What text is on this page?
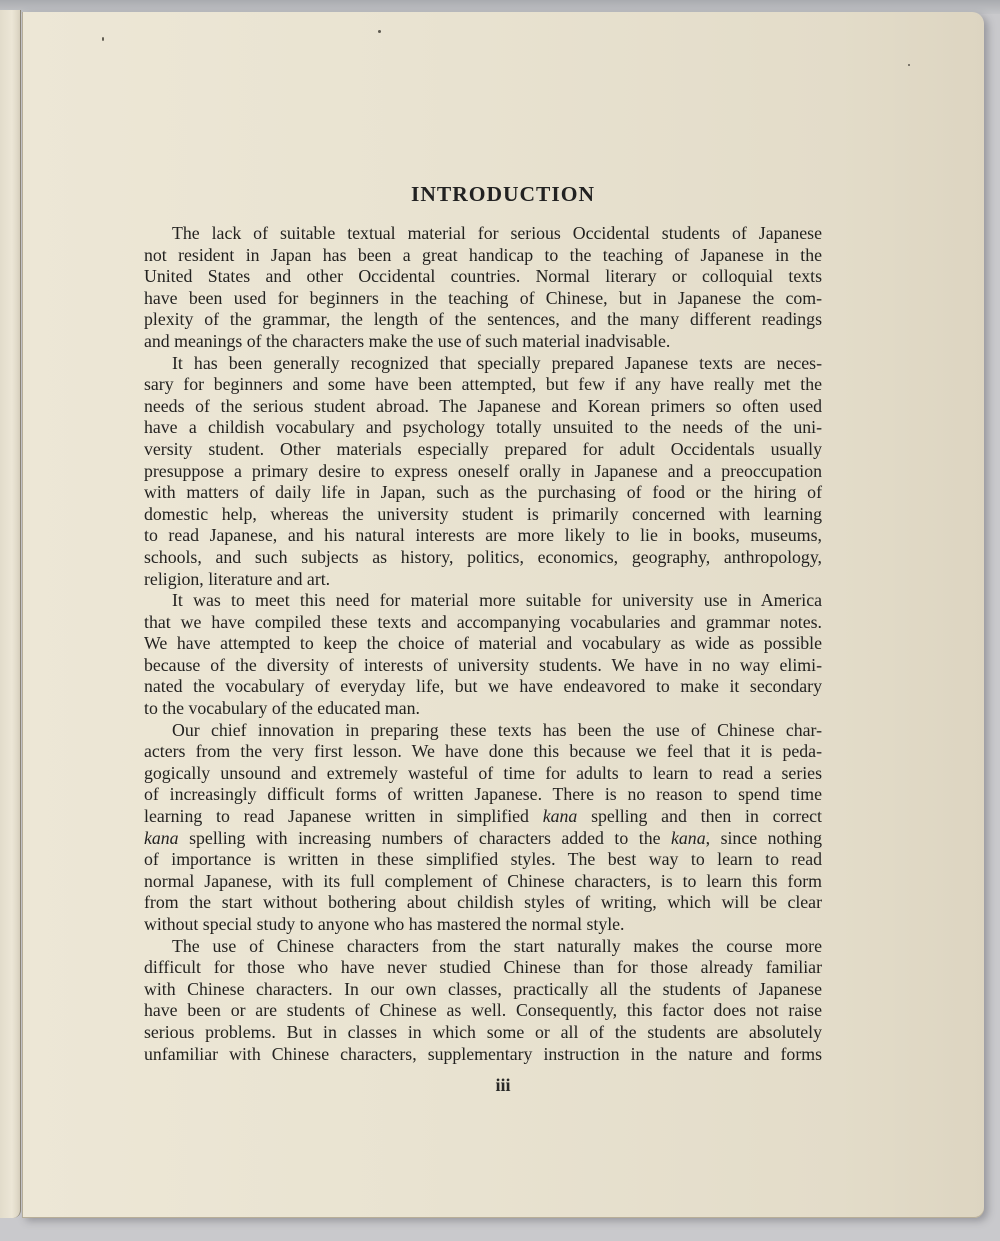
INTRODUCTION
The lack of suitable textual material for serious Occidental students of Japanese
not resident in Japan has been a great handicap to the teaching of Japanese in the
United States and other Occidental countries. Normal literary or colloquial texts
have been used for beginners in the teaching of Chinese, but in Japanese the com-
plexity of the grammar, the length of the sentences, and the many different readings
and meanings of the characters make the use of such material inadvisable.
It has been generally recognized that specially prepared Japanese texts are neces-
sary for beginners and some have been attempted, but few if any have really met the
needs of the serious student abroad. The Japanese and Korean primers so often used
have a childish vocabulary and psychology totally unsuited to the needs of the uni-
versity student. Other materials especially prepared for adult Occidentals usually
presuppose a primary desire to express oneself orally in Japanese and a preoccupation
with matters of daily life in Japan, such as the purchasing of food or the hiring of
domestic help, whereas the university student is primarily concerned with learning
to read Japanese, and his natural interests are more likely to lie in books, museums,
schools, and such subjects as history, politics, economics, geography, anthropology,
religion, literature and art.
It was to meet this need for material more suitable for university use in America
that we have compiled these texts and accompanying vocabularies and grammar notes.
We have attempted to keep the choice of material and vocabulary as wide as possible
because of the diversity of interests of university students. We have in no way elimi-
nated the vocabulary of everyday life, but we have endeavored to make it secondary
to the vocabulary of the educated man.
Our chief innovation in preparing these texts has been the use of Chinese char-
acters from the very first lesson. We have done this because we feel that it is peda-
gogically unsound and extremely wasteful of time for adults to learn to read a series
of increasingly difficult forms of written Japanese. There is no reason to spend time
learning to read Japanese written in simplified kana spelling and then in correct
kana spelling with increasing numbers of characters added to the kana, since nothing
of importance is written in these simplified styles. The best way to learn to read
normal Japanese, with its full complement of Chinese characters, is to learn this form
from the start without bothering about childish styles of writing, which will be clear
without special study to anyone who has mastered the normal style.
The use of Chinese characters from the start naturally makes the course more
difficult for those who have never studied Chinese than for those already familiar
with Chinese characters. In our own classes, practically all the students of Japanese
have been or are students of Chinese as well. Consequently, this factor does not raise
serious problems. But in classes in which some or all of the students are absolutely
unfamiliar with Chinese characters, supplementary instruction in the nature and forms
iii
